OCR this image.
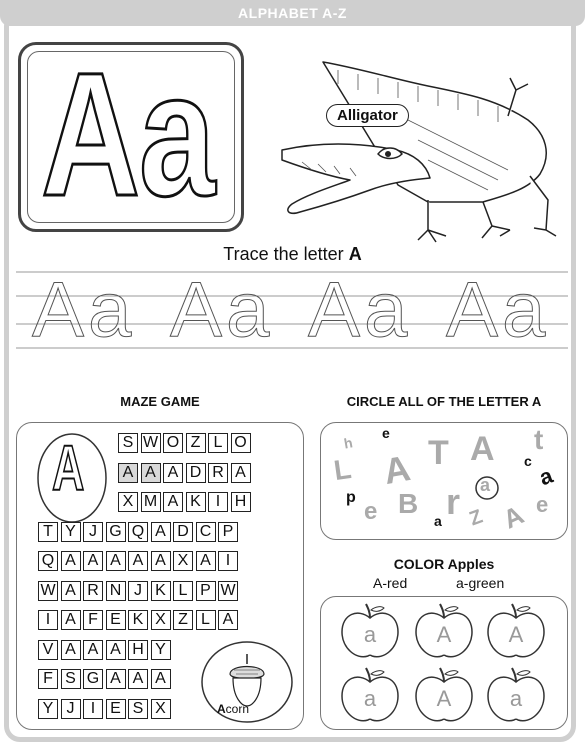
ALPHABET A-Z
A
a	Alligator
Trace the letter A
Aa Aa Aa Aa
MAZE GAME	CIRCLE ALL OF THE LETTER A
A S W O Z L O
A A A D R A
X M A K I H
T Y J G Q A D C P
Q A A A A A X A I
W A R N J K L P W
I A F E K X Z L A
V A A A H Y
F S G A A A
Y J	I E S X	Acorn
h
e
L A T A t
c
a
p
e B r a
a Z A e
COLOR Apples
A-red	a-green
a	A	A
a	A	a
